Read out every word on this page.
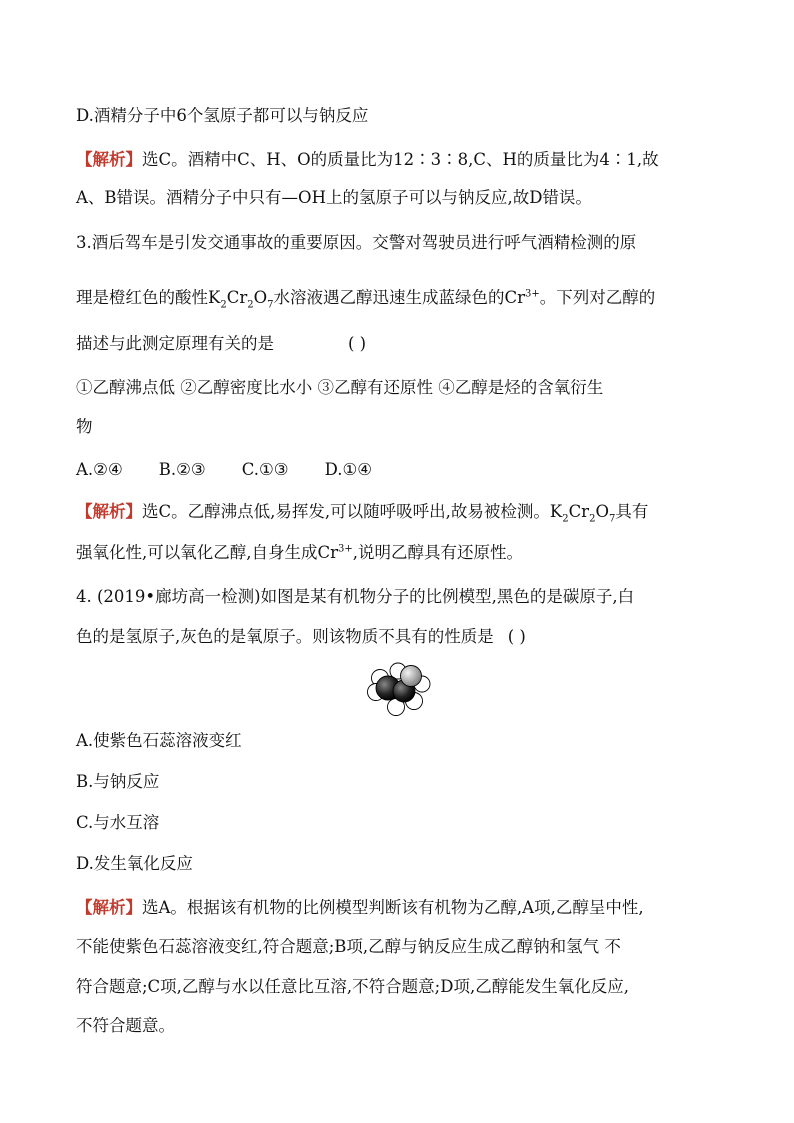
D.酒精分子中6个氢原子都可以与钠反应
【解析】选C。酒精中C、H、O的质量比为12∶3∶8,C、H的质量比为4∶1,故
A、B错误。酒精分子中只有—OH上的氢原子可以与钠反应,故D错误。
3.酒后驾车是引发交通事故的重要原因。交警对驾驶员进行呼气酒精检测的原
理是橙红色的酸性$K_2Cr_2O_7$水溶液遇乙醇迅速生成蓝绿色的$Cr^{3+}$。下列对乙醇的
描述与此测定原理有关的是	( )
①乙醇沸点低 ②乙醇密度比水小 ③乙醇有还原性 ④乙醇是烃的含氧衍生
物
A.②④ B.②③ C.①③ D.①④
【解析】选C。乙醇沸点低,易挥发,可以随呼吸呼出,故易被检测。$K_2Cr_2O_7$具有
强氧化性,可以氧化乙醇,自身生成$Cr^{3+}$,说明乙醇具有还原性。
4. (2019•廊坊高一检测)如图是某有机物分子的比例模型,黑色的是碳原子,白
色的是氢原子,灰色的是氧原子。则该物质不具有的性质是 ( )
A.使紫色石蕊溶液变红
B.与钠反应
C.与水互溶
D.发生氧化反应
【解析】选A。根据该有机物的比例模型判断该有机物为乙醇,A项,乙醇呈中性,
不能使紫色石蕊溶液变红,符合题意;B项,乙醇与钠反应生成乙醇钠和氢气 不
符合题意;C项,乙醇与水以任意比互溶,不符合题意;D项,乙醇能发生氧化反应,
不符合题意。
